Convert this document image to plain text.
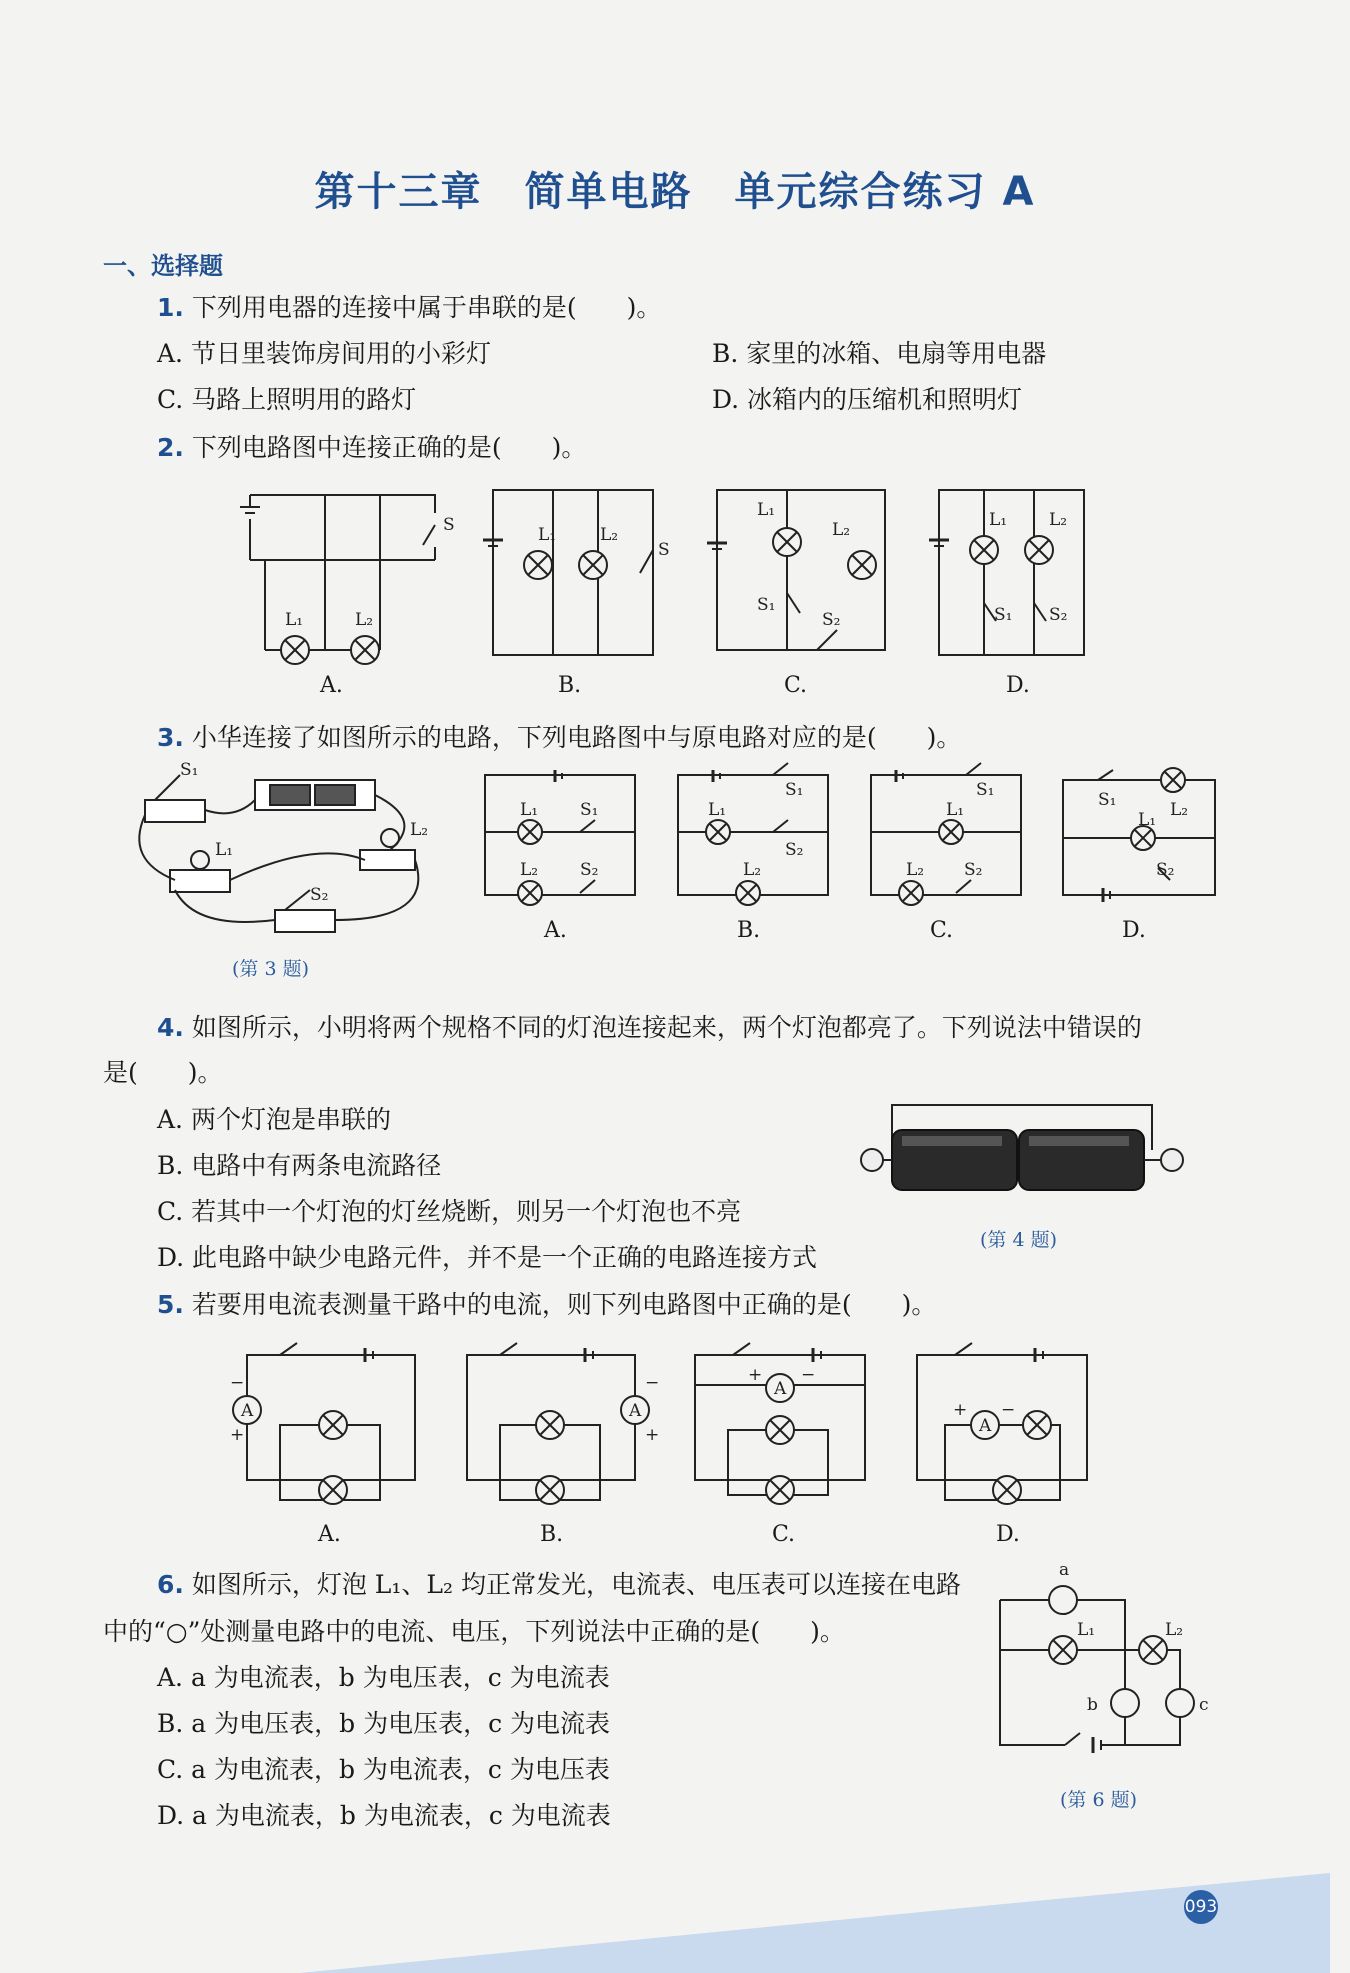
第十三章　简单电路　单元综合练习 A
一、选择题
1. 下列用电器的连接中属于串联的是(　　)。
A. 节日里装饰房间用的小彩灯	B. 家里的冰箱、电扇等用电器
C. 马路上照明用的路灯	D. 冰箱内的压缩机和照明灯
2. 下列电路图中连接正确的是(　　)。
S
L₁	L₂
A.
L₁	L₂
S
B.
L₁
L₂
S₁
S₂
C.
L₁ L₂
S₁ S₂
D.
3. 小华连接了如图所示的电路，下列电路图中与原电路对应的是(　　)。
S₁
L₁
L₂
S₂
(第 3 题)
L₁ S₁
L₂ S₂
A.
L₁
S₁
L₂
S₂
B.
L₁
S₁
L₂ S₂
C.
S₁
L₁ L₂
S₂
D.
4. 如图所示，小明将两个规格不同的灯泡连接起来，两个灯泡都亮了。下列说法中错误的
是(　　)。
A. 两个灯泡是串联的
B. 电路中有两条电流路径
C. 若其中一个灯泡的灯丝烧断，则另一个灯泡也不亮
D. 此电路中缺少电路元件，并不是一个正确的电路连接方式
(第 4 题)
5. 若要用电流表测量干路中的电流，则下列电路图中正确的是(　　)。
A
−
+
A.
A
−
+
B.
A
+ −
C.
A
+ −
D.
6. 如图所示，灯泡 L₁、L₂ 均正常发光，电流表、电压表可以连接在电路
中的“○”处测量电路中的电流、电压，下列说法中正确的是(　　)。
A. a 为电流表，b 为电压表，c 为电流表
B. a 为电压表，b 为电压表，c 为电流表
C. a 为电流表，b 为电流表，c 为电压表
D. a 为电流表，b 为电流表，c 为电流表
a
b	c
L₁	L₂
(第 6 题)
093
